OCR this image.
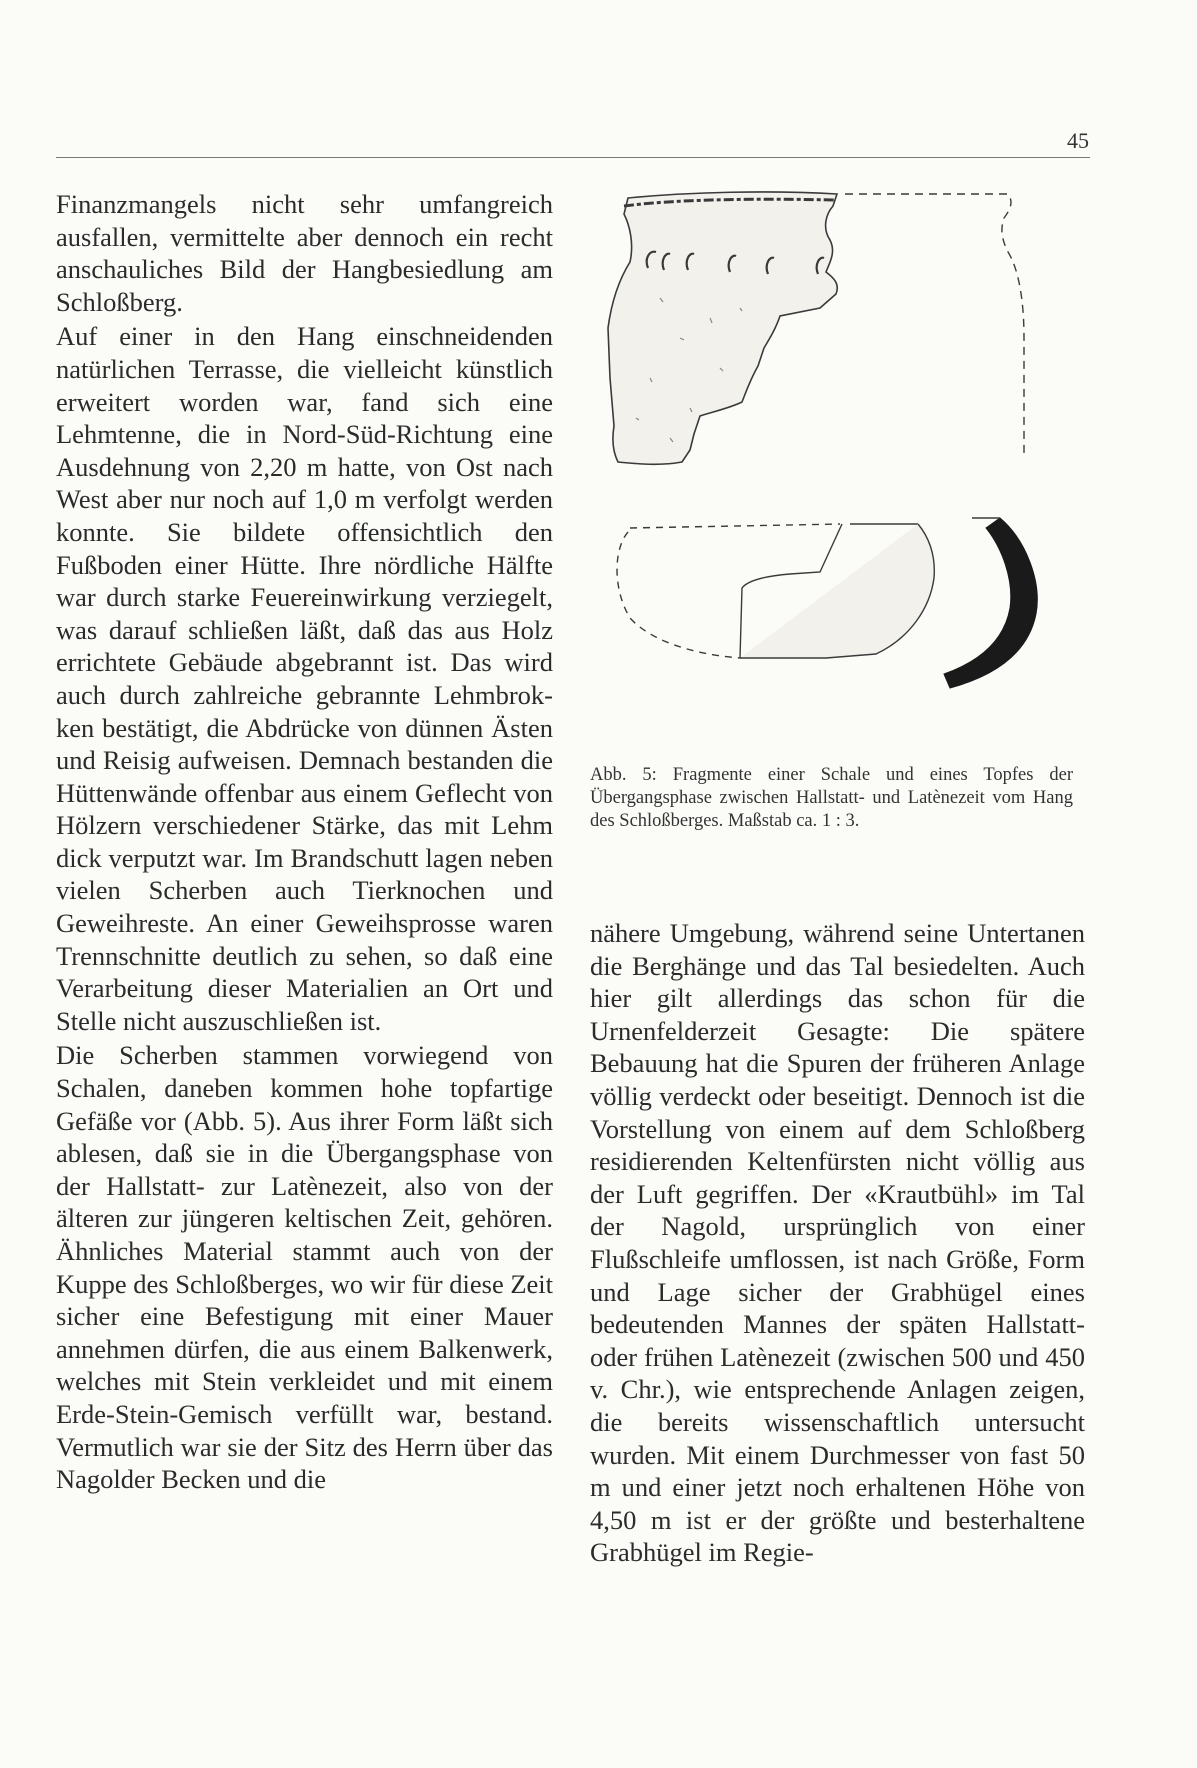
45

Finanzmangels nicht sehr umfangreich ausfallen, vermittelte aber dennoch ein recht anschauliches Bild der Hangbesiedlung am Schloßberg.

Auf einer in den Hang einschneidenden natürlichen Terrasse, die vielleicht künstlich erweitert worden war, fand sich eine Lehmtenne, die in Nord-Süd-Richtung eine Ausdehnung von 2,20 m hatte, von Ost nach West aber nur noch auf 1,0 m verfolgt werden konnte. Sie bildete offensichtlich den Fußboden einer Hütte. Ihre nördliche Hälfte war durch starke Feuereinwirkung verziegelt, was darauf schließen läßt, daß das aus Holz errichtete Gebäude abgebrannt ist. Das wird auch durch zahlreiche gebrannte Lehmbrokken bestätigt, die Abdrücke von dünnen Ästen und Reisig aufweisen. Demnach bestanden die Hüttenwände offenbar aus einem Geflecht von Hölzern verschiedener Stärke, das mit Lehm dick verputzt war. Im Brandschutt lagen neben vielen Scherben auch Tierknochen und Geweihreste. An einer Geweihsprosse waren Trennschnitte deutlich zu sehen, so daß eine Verarbeitung dieser Materialien an Ort und Stelle nicht auszuschließen ist.

Die Scherben stammen vorwiegend von Schalen, daneben kommen hohe topfartige Gefäße vor (Abb. 5). Aus ihrer Form läßt sich ablesen, daß sie in die Übergangsphase von der Hallstatt- zur Latènezeit, also von der älteren zur jüngeren keltischen Zeit, gehören. Ähnliches Material stammt auch von der Kuppe des Schloßberges, wo wir für diese Zeit sicher eine Befestigung mit einer Mauer annehmen dürfen, die aus einem Balkenwerk, welches mit Stein verkleidet und mit einem Erde-Stein-Gemisch verfüllt war, bestand. Vermutlich war sie der Sitz des Herrn über das Nagolder Becken und die

Abb. 5: Fragmente einer Schale und eines Topfes der Übergangsphase zwischen Hallstatt- und Latènezeit vom Hang des Schloßberges. Maßstab ca. 1 : 3.

nähere Umgebung, während seine Untertanen die Berghänge und das Tal besiedelten. Auch hier gilt allerdings das schon für die Urnenfelderzeit Gesagte: Die spätere Bebauung hat die Spuren der früheren Anlage völlig verdeckt oder beseitigt. Dennoch ist die Vorstellung von einem auf dem Schloßberg residierenden Keltenfürsten nicht völlig aus der Luft gegriffen. Der «Krautbühl» im Tal der Nagold, ursprünglich von einer Flußschleife umflossen, ist nach Größe, Form und Lage sicher der Grabhügel eines bedeutenden Mannes der späten Hallstatt- oder frühen Latènezeit (zwischen 500 und 450 v. Chr.), wie entsprechende Anlagen zeigen, die bereits wissenschaftlich untersucht wurden. Mit einem Durchmesser von fast 50 m und einer jetzt noch erhaltenen Höhe von 4,50 m ist er der größte und besterhaltene Grabhügel im Regie-
